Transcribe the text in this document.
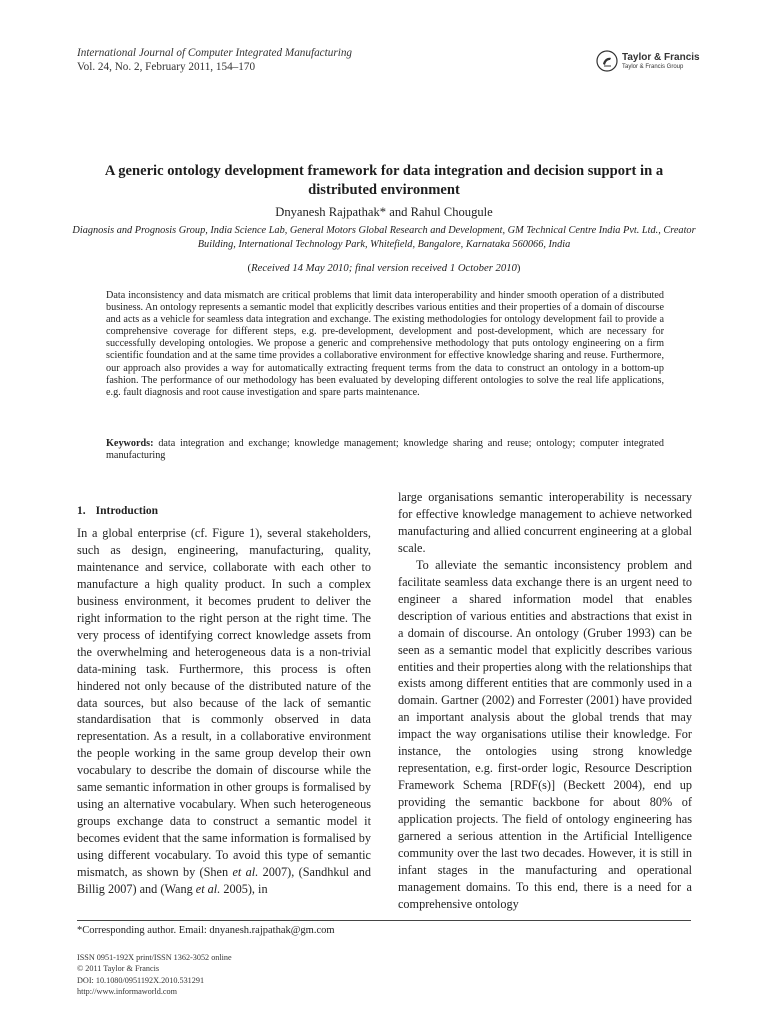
International Journal of Computer Integrated Manufacturing
Vol. 24, No. 2, February 2011, 154–170
Taylor & Francis
Taylor & Francis Group
A generic ontology development framework for data integration and decision support in a distributed environment
Dnyanesh Rajpathak* and Rahul Chougule
Diagnosis and Prognosis Group, India Science Lab, General Motors Global Research and Development, GM Technical Centre India Pvt. Ltd., Creator Building, International Technology Park, Whitefield, Bangalore, Karnataka 560066, India
(Received 14 May 2010; final version received 1 October 2010)

Data inconsistency and data mismatch are critical problems that limit data interoperability and hinder smooth operation of a distributed business. An ontology represents a semantic model that explicitly describes various entities and their properties of a domain of discourse and acts as a vehicle for seamless data integration and exchange. The existing methodologies for ontology development fail to provide a comprehensive coverage for different steps, e.g. pre-development, development and post-development, which are necessary for successfully developing ontologies. We propose a generic and comprehensive methodology that puts ontology engineering on a firm scientific foundation and at the same time provides a collaborative environment for effective knowledge sharing and reuse. Furthermore, our approach also provides a way for automatically extracting frequent terms from the data to construct an ontology in a bottom-up fashion. The performance of our methodology has been evaluated by developing different ontologies to solve the real life applications, e.g. fault diagnosis and root cause investigation and spare parts maintenance.

Keywords: data integration and exchange; knowledge management; knowledge sharing and reuse; ontology; computer integrated manufacturing
1. Introduction

In a global enterprise (cf. Figure 1), several stakeholders, such as design, engineering, manufacturing, quality, maintenance and service, collaborate with each other to manufacture a high quality product. In such a complex business environment, it becomes prudent to deliver the right information to the right person at the right time. The very process of identifying correct knowledge assets from the overwhelming and heterogeneous data is a non-trivial data-mining task. Furthermore, this process is often hindered not only because of the distributed nature of the data sources, but also because of the lack of semantic standardisation that is commonly observed in data representation. As a result, in a collaborative environment the people working in the same group develop their own vocabulary to describe the domain of discourse while the same semantic information in other groups is formalised by using an alternative vocabulary. When such heterogeneous groups exchange data to construct a semantic model it becomes evident that the same information is formalised by using different vocabulary. To avoid this type of semantic mismatch, as shown by (Shen et al. 2007), (Sandhkul and Billig 2007) and (Wang et al. 2005), in

large organisations semantic interoperability is necessary for effective knowledge management to achieve networked manufacturing and allied concurrent engineering at a global scale.

To alleviate the semantic inconsistency problem and facilitate seamless data exchange there is an urgent need to engineer a shared information model that enables description of various entities and abstractions that exist in a domain of discourse. An ontology (Gruber 1993) can be seen as a semantic model that explicitly describes various entities and their properties along with the relationships that exists among different entities that are commonly used in a domain. Gartner (2002) and Forrester (2001) have provided an important analysis about the global trends that may impact the way organisations utilise their knowledge. For instance, the ontologies using strong knowledge representation, e.g. first-order logic, Resource Description Framework Schema [RDF(s)] (Beckett 2004), end up providing the semantic backbone for about 80% of application projects. The field of ontology engineering has garnered a serious attention in the Artificial Intelligence community over the last two decades. However, it is still in infant stages in the manufacturing and operational management domains. To this end, there is a need for a comprehensive ontology

*Corresponding author. Email: dnyanesh.rajpathak@gm.com
ISSN 0951-192X print/ISSN 1362-3052 online
© 2011 Taylor & Francis
DOI: 10.1080/0951192X.2010.531291
http://www.informaworld.com
